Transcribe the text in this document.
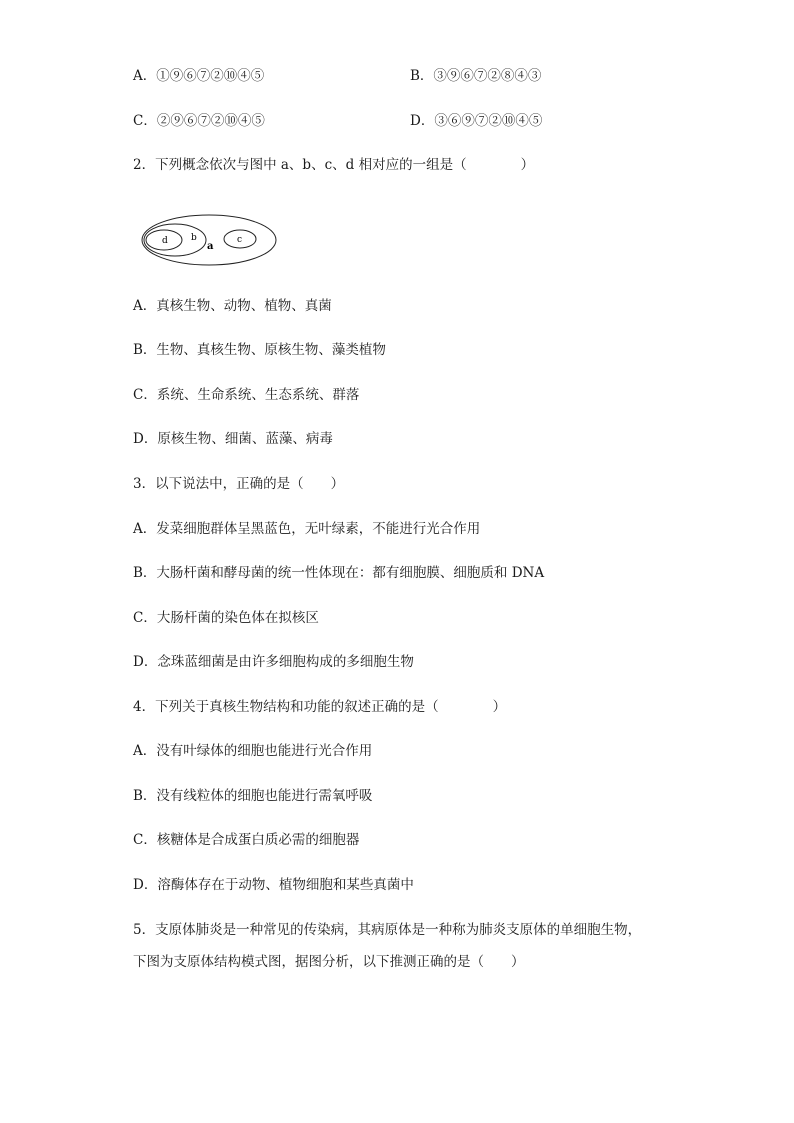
A．①⑨⑥⑦②⑩④⑤	B．③⑨⑥⑦②⑧④③
C．②⑨⑥⑦②⑩④⑤	D．③⑥⑨⑦②⑩④⑤
2．下列概念依次与图中 a、b、c、d 相对应的一组是（　　　　）
d	b
a
c
A．真核生物、动物、植物、真菌
B．生物、真核生物、原核生物、藻类植物
C．系统、生命系统、生态系统、群落
D．原核生物、细菌、蓝藻、病毒
3．以下说法中，正确的是（　　）
A．发菜细胞群体呈黑蓝色，无叶绿素，不能进行光合作用
B．大肠杆菌和酵母菌的统一性体现在：都有细胞膜、细胞质和 DNA
C．大肠杆菌的染色体在拟核区
D．念珠蓝细菌是由许多细胞构成的多细胞生物
4．下列关于真核生物结构和功能的叙述正确的是（　　　　）
A．没有叶绿体的细胞也能进行光合作用
B．没有线粒体的细胞也能进行需氧呼吸
C．核糖体是合成蛋白质必需的细胞器
D．溶酶体存在于动物、植物细胞和某些真菌中
5．支原体肺炎是一种常见的传染病，其病原体是一种称为肺炎支原体的单细胞生物，
下图为支原体结构模式图，据图分析，以下推测正确的是（　　）
